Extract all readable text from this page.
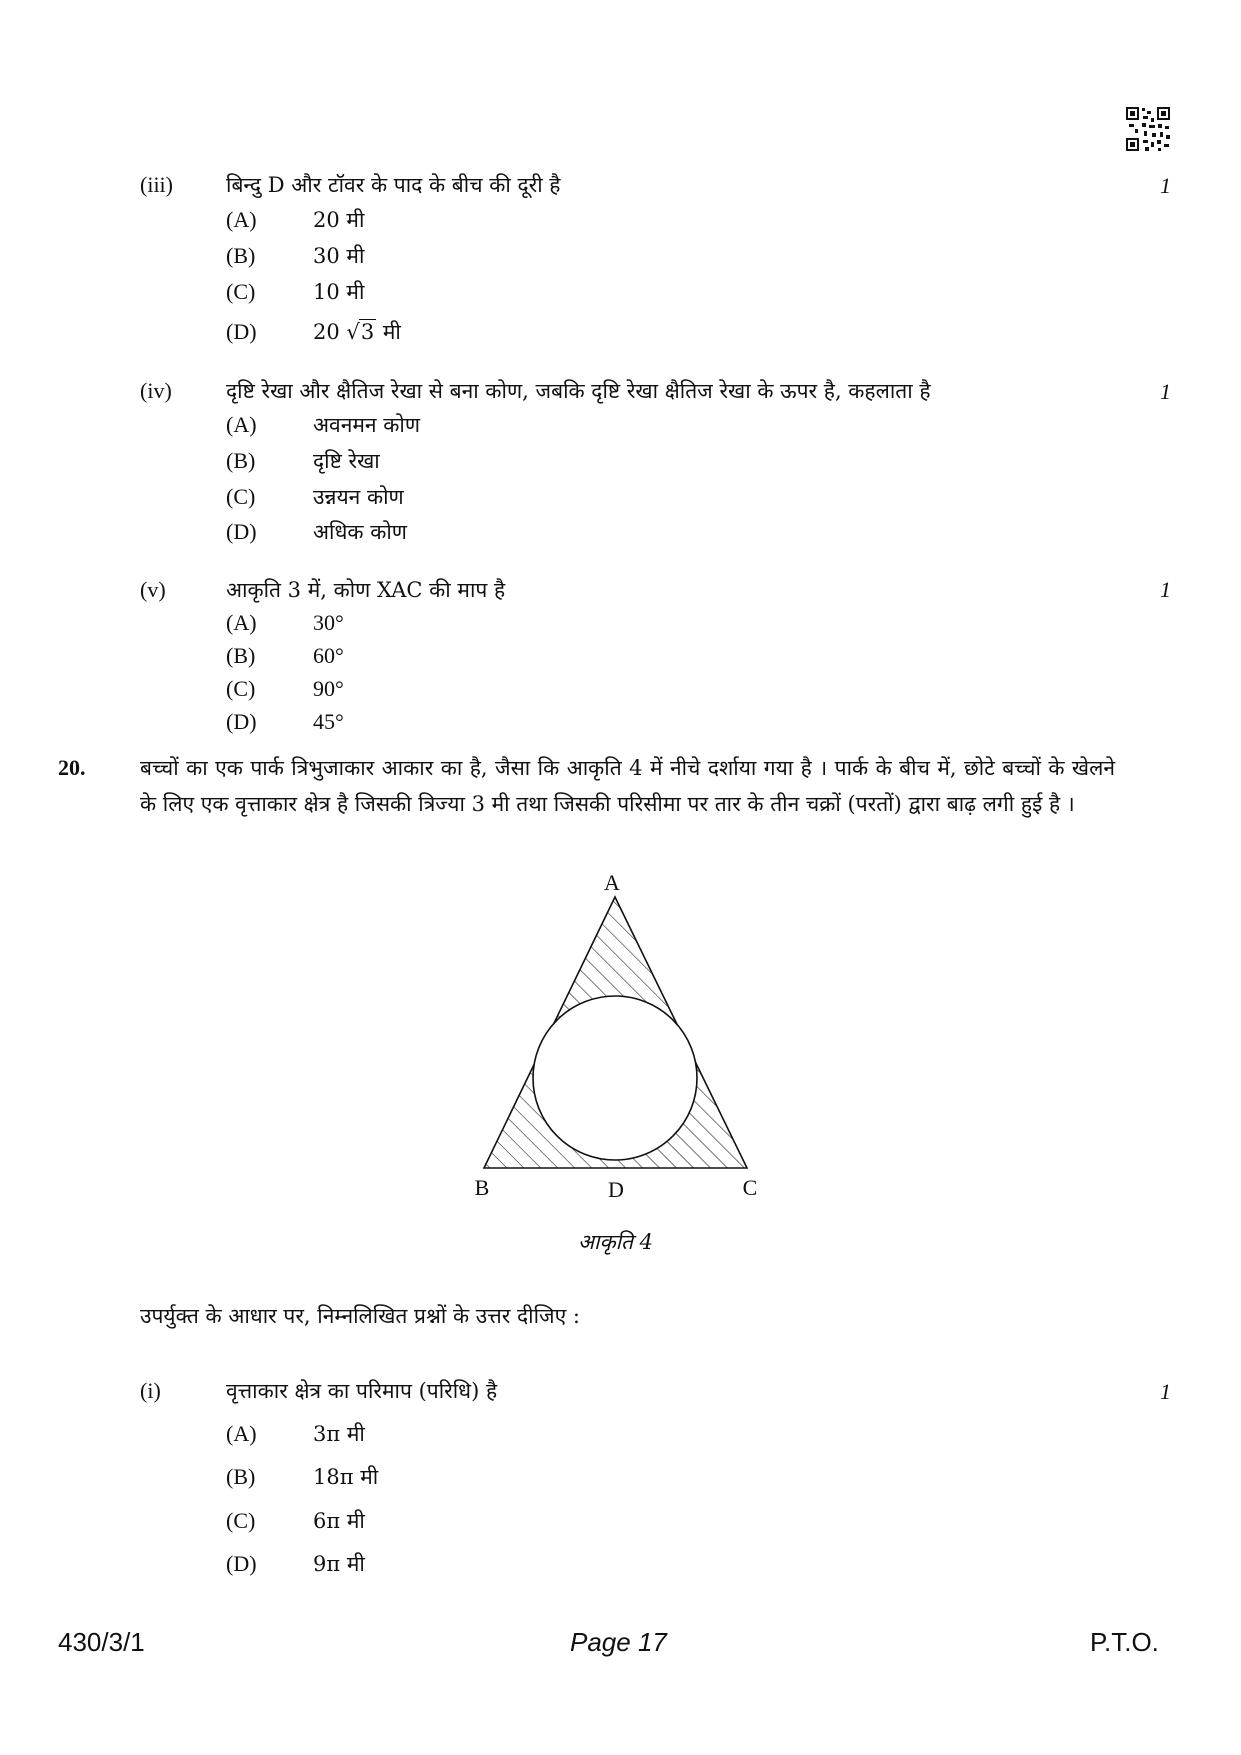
(iii)	बिन्दु D और टॉवर के पाद के बीच की दूरी है	1
(A)	20 मी
(B)	30 मी
(C)	10 मी
(D)	20 √3 मी
(iv)	दृष्टि रेखा और क्षैतिज रेखा से बना कोण, जबकि दृष्टि रेखा क्षैतिज रेखा के ऊपर है, कहलाता है	1
(A)	अवनमन कोण
(B)	दृष्टि रेखा
(C)	उन्नयन कोण
(D)	अधिक कोण
(v)	आकृति 3 में, कोण XAC की माप है	1
(A)	30°
(B)	60°
(C)	90°
(D)	45°
20.	बच्चों का एक पार्क त्रिभुजाकार आकार का है, जैसा कि आकृति 4 में नीचे दर्शाया गया है । पार्क के बीच में, छोटे बच्चों के खेलने के लिए एक वृत्ताकार क्षेत्र है जिसकी त्रिज्या 3 मी तथा जिसकी परिसीमा पर तार के तीन चक्रों (परतों) द्वारा बाढ़ लगी हुई है ।
A
B	C
D
आकृति 4
उपर्युक्त के आधार पर, निम्नलिखित प्रश्नों के उत्तर दीजिए :
(i)	वृत्ताकार क्षेत्र का परिमाप (परिधि) है	1
(A)	3π मी
(B)	18π मी
(C)	6π मी
(D)	9π मी
430/3/1	Page 17	P.T.O.
